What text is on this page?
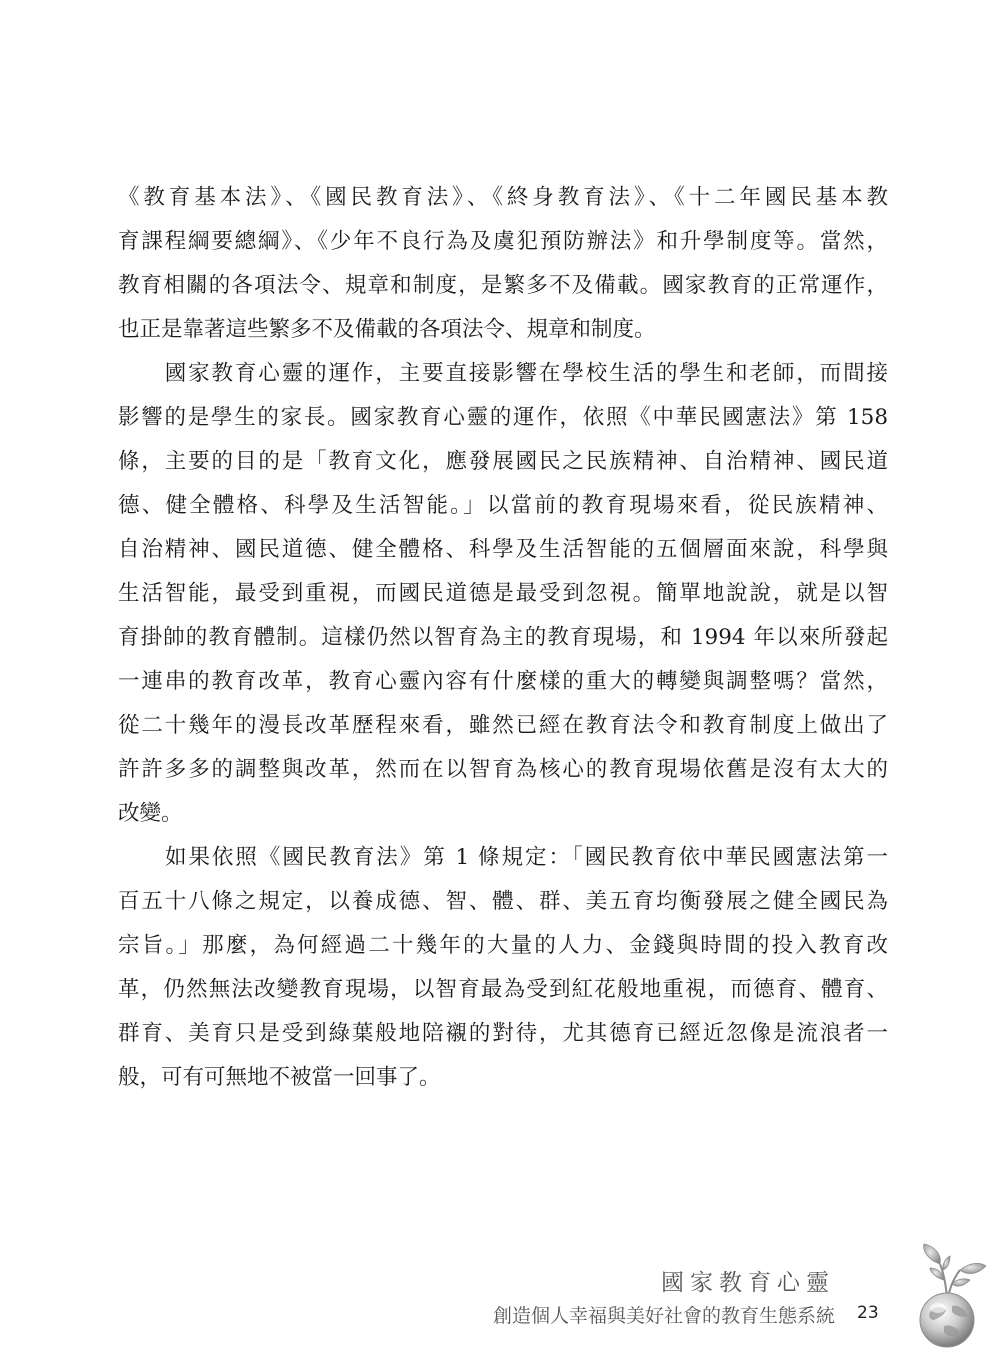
《教育基本法》、《國民教育法》、《終身教育法》、《十二年國民基本教
育課程綱要總綱》、《少年不良行為及虞犯預防辦法》和升學制度等。當然，
教育相關的各項法令、規章和制度，是繁多不及備載。國家教育的正常運作，
也正是靠著這些繁多不及備載的各項法令、規章和制度。
　　國家教育心靈的運作，主要直接影響在學校生活的學生和老師，而間接
影響的是學生的家長。國家教育心靈的運作，依照《中華民國憲法》第 158
條，主要的目的是「教育文化，應發展國民之民族精神、自治精神、國民道
德、健全體格、科學及生活智能。」以當前的教育現場來看，從民族精神、
自治精神、國民道德、健全體格、科學及生活智能的五個層面來說，科學與
生活智能，最受到重視，而國民道德是最受到忽視。簡單地說說，就是以智
育掛帥的教育體制。這樣仍然以智育為主的教育現場，和 1994 年以來所發起
一連串的教育改革，教育心靈內容有什麼樣的重大的轉變與調整嗎？當然，
從二十幾年的漫長改革歷程來看，雖然已經在教育法令和教育制度上做出了
許許多多的調整與改革，然而在以智育為核心的教育現場依舊是沒有太大的
改變。
　　如果依照《國民教育法》第 1 條規定：「國民教育依中華民國憲法第一
百五十八條之規定，以養成德、智、體、群、美五育均衡發展之健全國民為
宗旨。」那麼，為何經過二十幾年的大量的人力、金錢與時間的投入教育改
革，仍然無法改變教育現場，以智育最為受到紅花般地重視，而德育、體育、
群育、美育只是受到綠葉般地陪襯的對待，尤其德育已經近忽像是流浪者一
般，可有可無地不被當一回事了。
國家教育心靈
創造個人幸福與美好社會的教育生態系統 23
